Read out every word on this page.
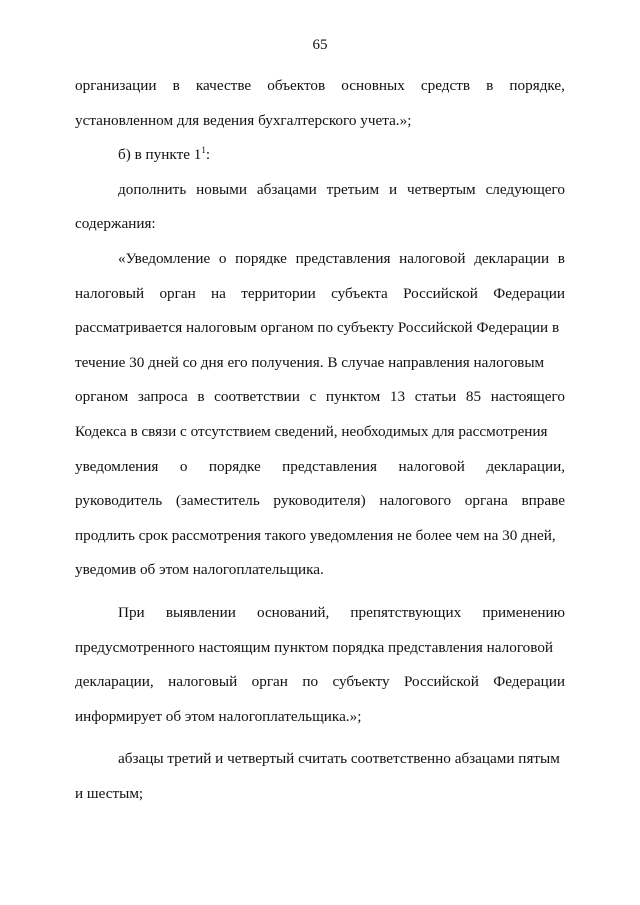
65
организации в качестве объектов основных средств в порядке,
установленном для ведения бухгалтерского учета.»;
б) в пункте $1^1$:
дополнить новыми абзацами третьим и четвертым следующего
содержания:
«Уведомление о порядке представления налоговой декларации в
налоговый орган на территории субъекта Российской Федерации
рассматривается налоговым органом по субъекту Российской Федерации в
течение 30 дней со дня его получения. В случае направления налоговым
органом запроса в соответствии с пунктом 13 статьи 85 настоящего
Кодекса в связи с отсутствием сведений, необходимых для рассмотрения
уведомления о порядке представления налоговой декларации,
руководитель (заместитель руководителя) налогового органа вправе
продлить срок рассмотрения такого уведомления не более чем на 30 дней,
уведомив об этом налогоплательщика.
При выявлении оснований, препятствующих применению
предусмотренного настоящим пунктом порядка представления налоговой
декларации, налоговый орган по субъекту Российской Федерации
информирует об этом налогоплательщика.»;
абзацы третий и четвертый считать соответственно абзацами пятым
и шестым;
